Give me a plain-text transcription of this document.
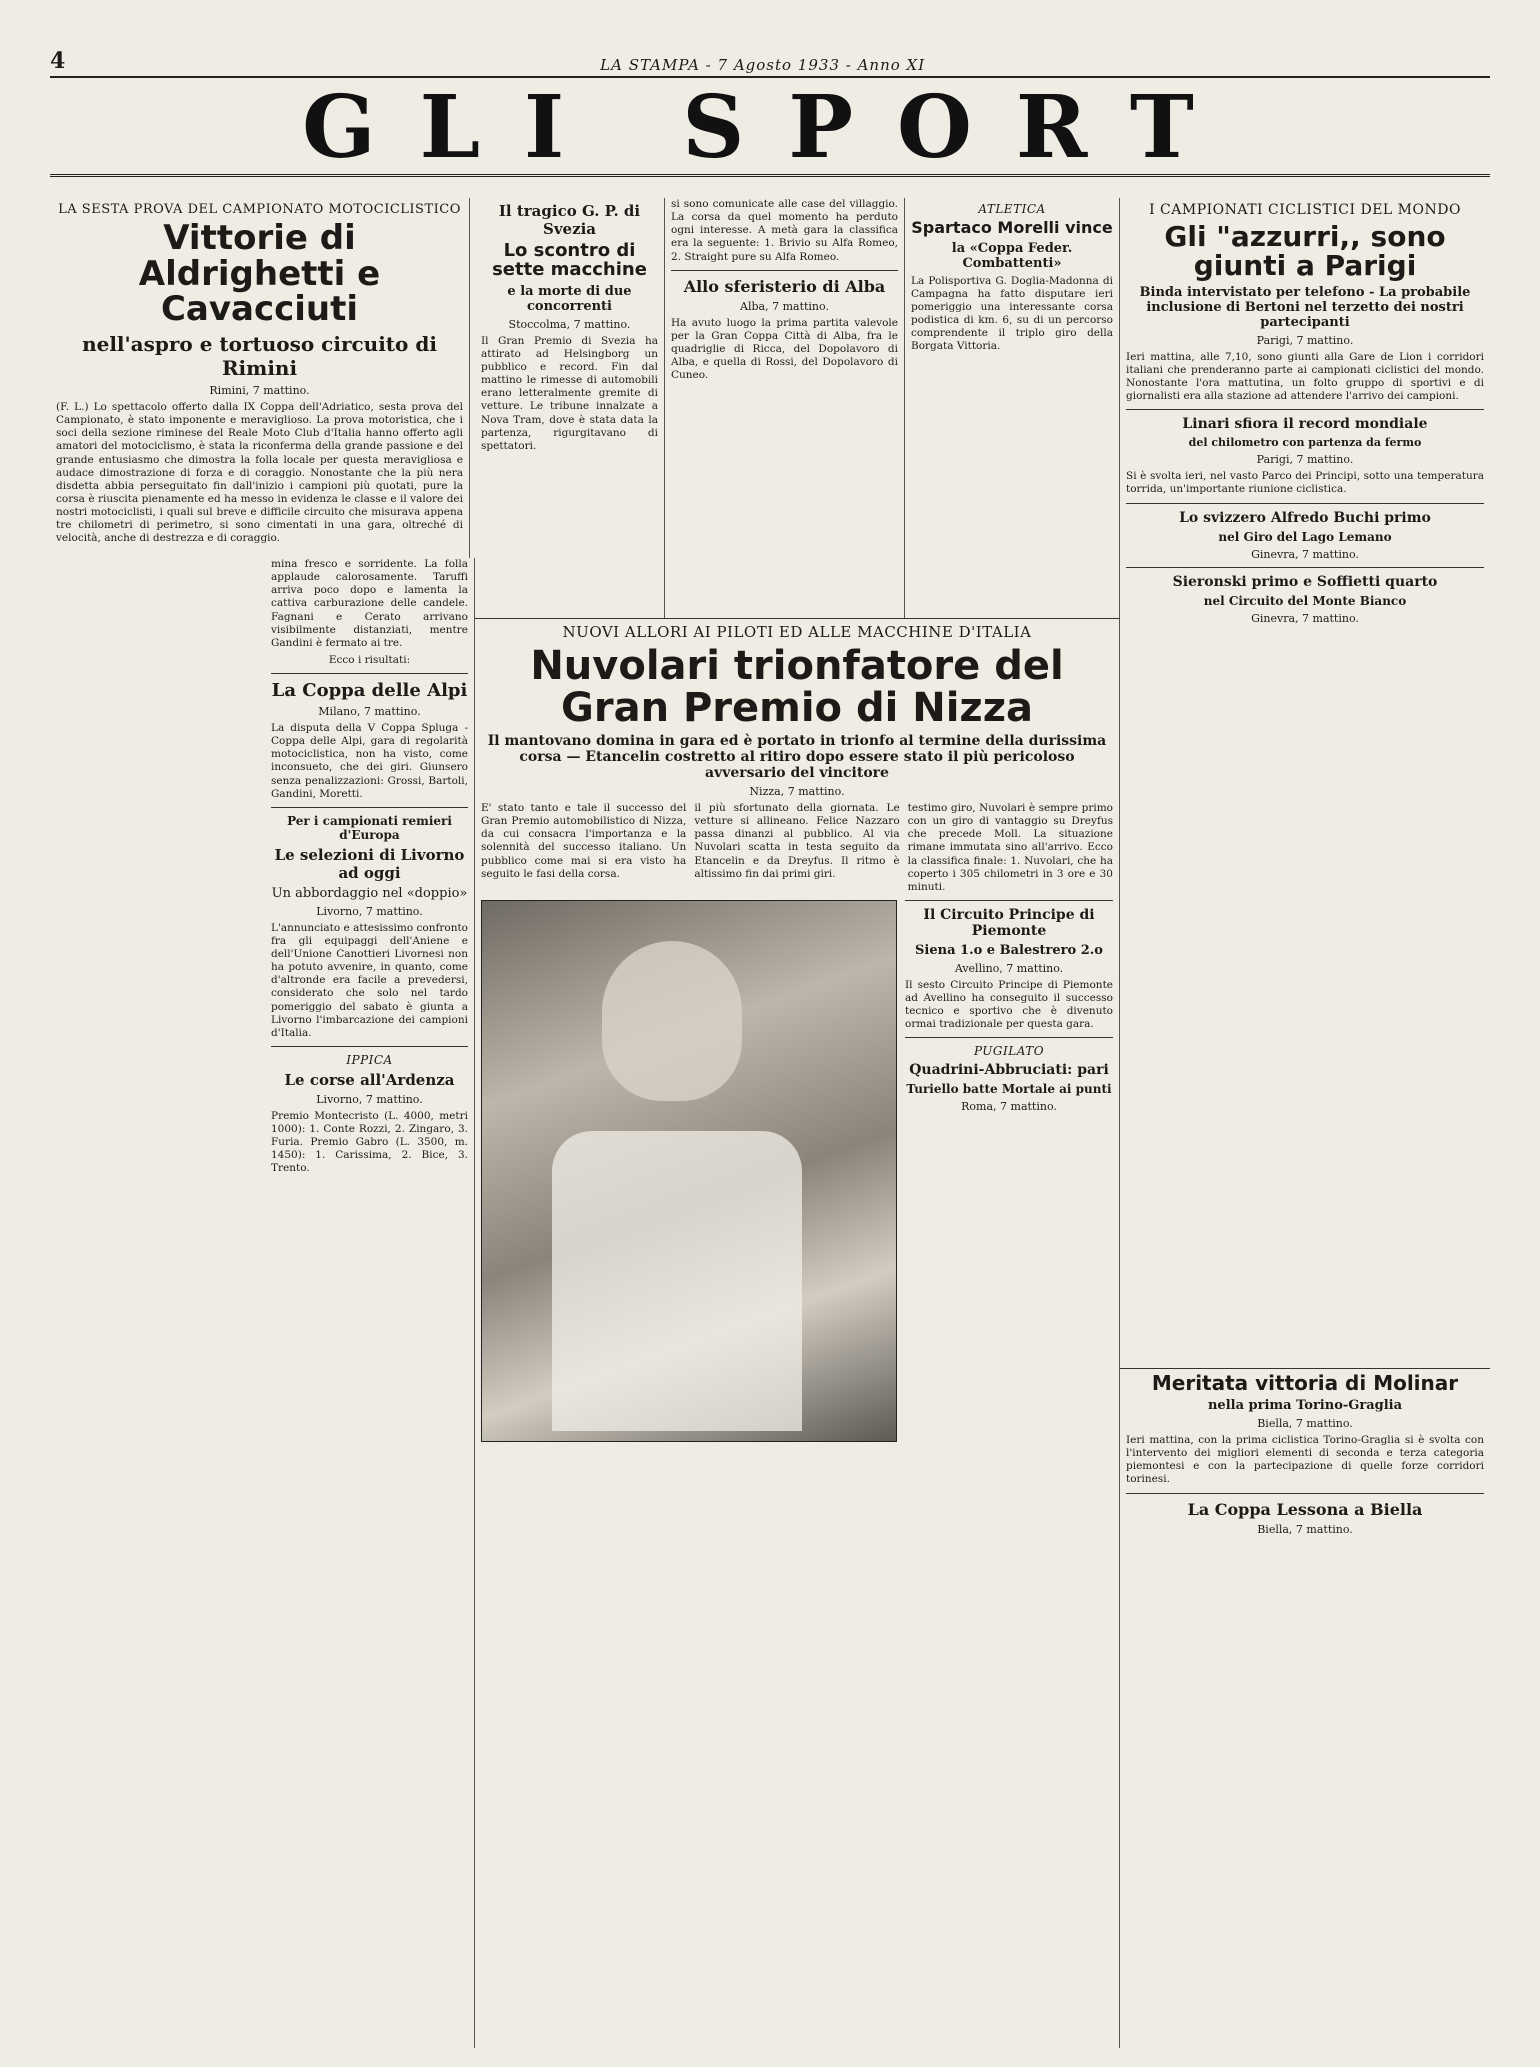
4	LA STAMPA - 7 Agosto 1933 - Anno XI
GLI SPORT
LA SESTA PROVA DEL CAMPIONATO MOTOCICLISTICO
Vittorie di Aldrighetti e Cavacciuti
nell'aspro e tortuoso circuito di Rimini
Rimini, 7 mattino.
(F. L.) Lo spettacolo offerto dalla IX Coppa dell'Adriatico, sesta prova del Campionato, è stato imponente e meraviglioso. La prova motoristica, che i soci della sezione riminese del Reale Moto Club d'Italia hanno offerto agli amatori del motociclismo, è stata la riconferma della grande passione e del grande entusiasmo che dimostra la folla locale per questa meravigliosa e audace dimostrazione di forza e di coraggio. Nonostante che la più nera disdetta abbia perseguitato fin dall'inizio i campioni più quotati, pure la corsa è riuscita pienamente ed ha messo in evidenza le classe e il valore dei nostri motociclisti, i quali sul breve e difficile circuito che misurava appena tre chilometri di perimetro, si sono cimentati in una gara, oltreché di velocità, anche di destrezza e di coraggio.
mina fresco e sorridente. La folla applaude calorosamente. Taruffi arriva poco dopo e lamenta la cattiva carburazione delle candele. Fagnani e Cerato arrivano visibilmente distanziati, mentre Gandini è fermato ai tre.
Ecco i risultati:
La Coppa delle Alpi
Milano, 7 mattino.
La disputa della V Coppa Spluga - Coppa delle Alpi, gara di regolarità motociclistica, non ha visto, come inconsueto, che dei giri. Giunsero senza penalizzazioni: Grossi, Bartoli, Gandini, Moretti.
Per i campionati remieri d'Europa
Le selezioni di Livorno ad oggi
Un abbordaggio nel «doppio»
Livorno, 7 mattino.
L'annunciato e attesissimo confronto fra gli equipaggi dell'Aniene e dell'Unione Canottieri Livornesi non ha potuto avvenire, in quanto, come d'altronde era facile a prevedersi, considerato che solo nel tardo pomeriggio del sabato è giunta a Livorno l'imbarcazione dei campioni d'Italia.
IPPICA
Le corse all'Ardenza
Livorno, 7 mattino.
Premio Montecristo (L. 4000, metri 1000): 1. Conte Rozzi, 2. Zingaro, 3. Furia. Premio Gabro (L. 3500, m. 1450): 1. Carissima, 2. Bice, 3. Trento.
Il tragico G. P. di Svezia
Lo scontro di sette macchine
e la morte di due concorrenti
Stoccolma, 7 mattino.
Il Gran Premio di Svezia ha attirato ad Helsingborg un pubblico e record. Fin dal mattino le rimesse di automobili erano letteralmente gremite di vetture. Le tribune innalzate a Nova Tram, dove è stata data la partenza, rigurgitavano di spettatori.
si sono comunicate alle case del villaggio. La corsa da quel momento ha perduto ogni interesse. A metà gara la classifica era la seguente: 1. Brivio su Alfa Romeo, 2. Straight pure su Alfa Romeo.
Allo sferisterio di Alba
Alba, 7 mattino.
Ha avuto luogo la prima partita valevole per la Gran Coppa Città di Alba, fra le quadriglie di Ricca, del Dopolavoro di Alba, e quella di Rossi, del Dopolavoro di Cuneo.
ATLETICA
Spartaco Morelli vince
la «Coppa Feder. Combattenti»
La Polisportiva G. Doglia-Madonna di Campagna ha fatto disputare ieri pomeriggio una interessante corsa podistica di km. 6, su di un percorso comprendente il triplo giro della Borgata Vittoria.
NUOVI ALLORI AI PILOTI ED ALLE MACCHINE D'ITALIA
Nuvolari trionfatore del Gran Premio di Nizza
Il mantovano domina in gara ed è portato in trionfo al termine della durissima corsa — Etancelin costretto al ritiro dopo essere stato il più pericoloso avversario del vincitore
Nizza, 7 mattino.
E' stato tanto e tale il successo del Gran Premio automobilistico di Nizza, da cui consacra l'importanza e la solennità del successo italiano. Un pubblico come mai si era visto ha seguito le fasi della corsa.
il più sfortunato della giornata. Le vetture si allineano. Felice Nazzaro passa dinanzi al pubblico. Al via Nuvolari scatta in testa seguito da Etancelin e da Dreyfus. Il ritmo è altissimo fin dai primi giri.
testimo giro, Nuvolari è sempre primo con un giro di vantaggio su Dreyfus che precede Moll. La situazione rimane immutata sino all'arrivo. Ecco la classifica finale: 1. Nuvolari, che ha coperto i 305 chilometri in 3 ore e 30 minuti.
Il Circuito Principe di Piemonte
Siena 1.o e Balestrero 2.o
Avellino, 7 mattino.
Il sesto Circuito Principe di Piemonte ad Avellino ha conseguito il successo tecnico e sportivo che è divenuto ormai tradizionale per questa gara.
PUGILATO
Quadrini-Abbruciati: pari
Turiello batte Mortale ai punti
Roma, 7 mattino.
I CAMPIONATI CICLISTICI DEL MONDO
Gli "azzurri,, sono giunti a Parigi
Binda intervistato per telefono - La probabile inclusione di Bertoni nel terzetto dei nostri partecipanti
Parigi, 7 mattino.
Ieri mattina, alle 7,10, sono giunti alla Gare de Lion i corridori italiani che prenderanno parte ai campionati ciclistici del mondo. Nonostante l'ora mattutina, un folto gruppo di sportivi e di giornalisti era alla stazione ad attendere l'arrivo dei campioni.
Linari sfiora il record mondiale
del chilometro con partenza da fermo
Parigi, 7 mattino.
Si è svolta ieri, nel vasto Parco dei Principi, sotto una temperatura torrida, un'importante riunione ciclistica.
Lo svizzero Alfredo Buchi primo
nel Giro del Lago Lemano
Ginevra, 7 mattino.
Sieronski primo e Soffietti quarto
nel Circuito del Monte Bianco
Ginevra, 7 mattino.
Meritata vittoria di Molinar
nella prima Torino-Graglia
Biella, 7 mattino.
Ieri mattina, con la prima ciclistica Torino-Graglia si è svolta con l'intervento dei migliori elementi di seconda e terza categoria piemontesi e con la partecipazione di quelle forze corridori torinesi.
La Coppa Lessona a Biella
Biella, 7 mattino.
